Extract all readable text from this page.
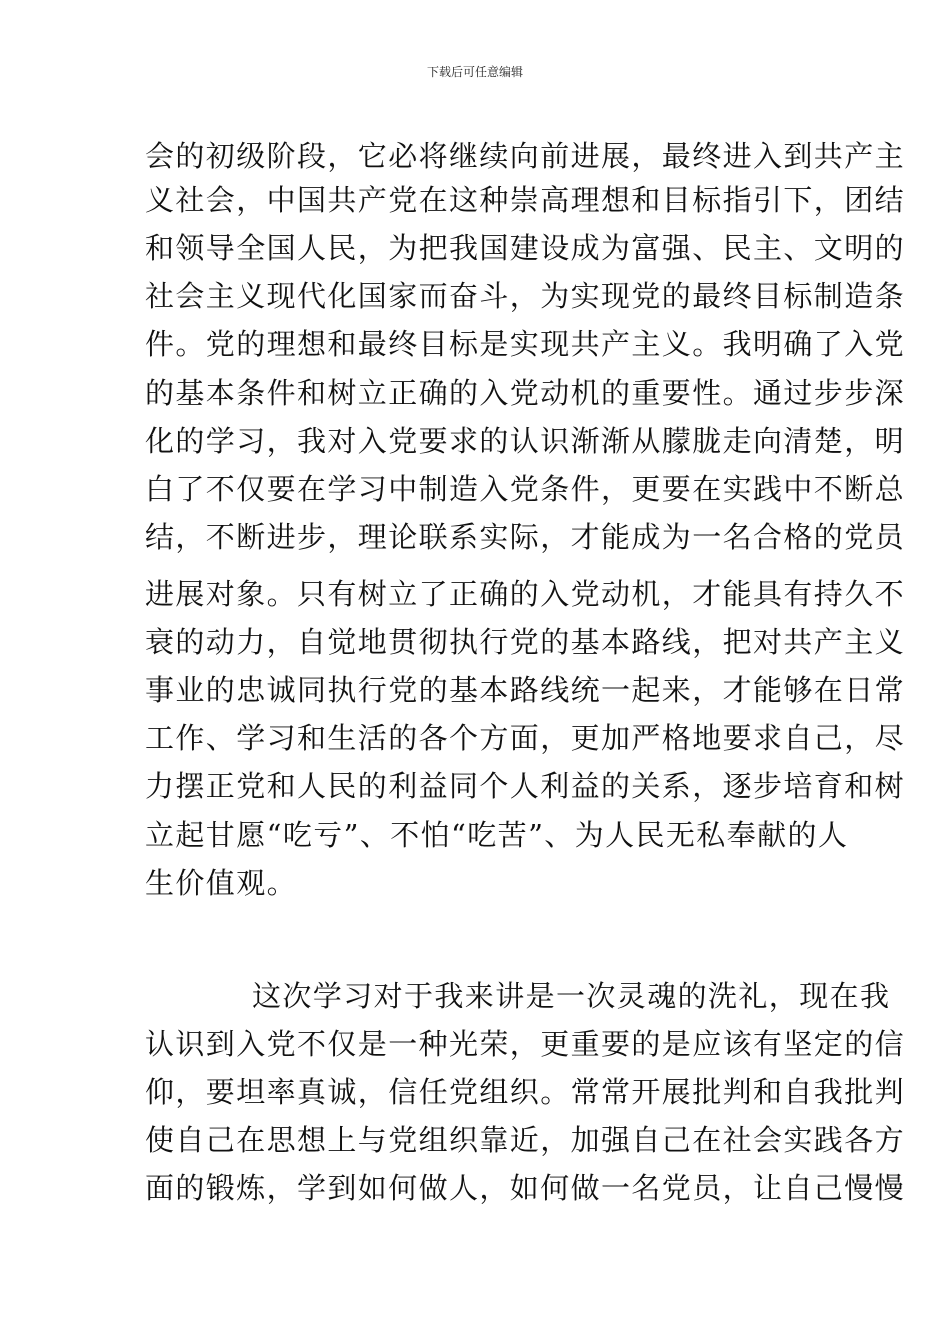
下载后可任意编辑
会的初级阶段，它必将继续向前进展，最终进入到共产主
义社会，中国共产党在这种崇高理想和目标指引下，团结
和领导全国人民，为把我国建设成为富强、民主、文明的
社会主义现代化国家而奋斗，为实现党的最终目标制造条
件。党的理想和最终目标是实现共产主义。我明确了入党
的基本条件和树立正确的入党动机的重要性。通过步步深
化的学习，我对入党要求的认识渐渐从朦胧走向清楚，明
白了不仅要在学习中制造入党条件，更要在实践中不断总
结，不断进步，理论联系实际，才能成为一名合格的党员
进展对象。只有树立了正确的入党动机，才能具有持久不
衰的动力，自觉地贯彻执行党的基本路线，把对共产主义
事业的忠诚同执行党的基本路线统一起来，才能够在日常
工作、学习和生活的各个方面，更加严格地要求自己，尽
力摆正党和人民的利益同个人利益的关系，逐步培育和树
立起甘愿“吃亏”、不怕“吃苦”、为人民无私奉献的人
生价值观。
这次学习对于我来讲是一次灵魂的洗礼，现在我
认识到入党不仅是一种光荣，更重要的是应该有坚定的信
仰，要坦率真诚，信任党组织。常常开展批判和自我批判
使自己在思想上与党组织靠近，加强自己在社会实践各方
面的锻炼，学到如何做人，如何做一名党员，让自己慢慢
